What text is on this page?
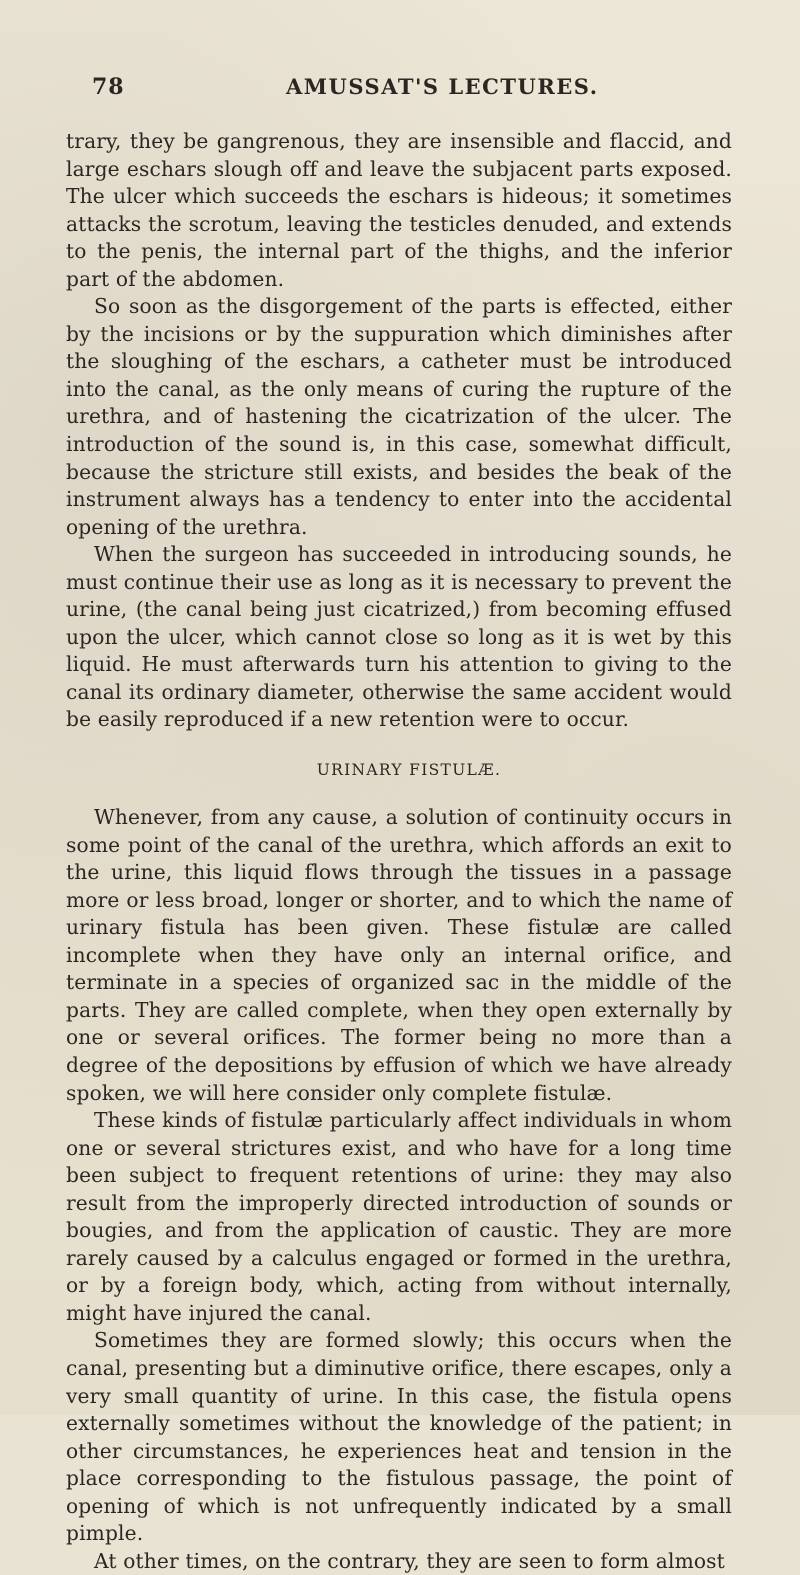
78	AMUSSAT'S LECTURES.

trary, they be gangrenous, they are insensible and flaccid, and large eschars slough off and leave the subjacent parts exposed. The ulcer which succeeds the eschars is hideous; it sometimes attacks the scrotum, leaving the testicles denuded, and extends to the penis, the internal part of the thighs, and the inferior part of the abdomen.

So soon as the disgorgement of the parts is effected, either by the incisions or by the suppuration which diminishes after the sloughing of the eschars, a catheter must be introduced into the canal, as the only means of curing the rupture of the urethra, and of hastening the cicatrization of the ulcer. The introduction of the sound is, in this case, somewhat difficult, because the stricture still exists, and besides the beak of the instrument always has a tendency to enter into the accidental opening of the urethra.

When the surgeon has succeeded in introducing sounds, he must continue their use as long as it is necessary to prevent the urine, (the canal being just cicatrized,) from becoming effused upon the ulcer, which cannot close so long as it is wet by this liquid. He must afterwards turn his attention to giving to the canal its ordinary diameter, otherwise the same accident would be easily reproduced if a new retention were to occur.

URINARY FISTULÆ.

Whenever, from any cause, a solution of continuity occurs in some point of the canal of the urethra, which affords an exit to the urine, this liquid flows through the tissues in a passage more or less broad, longer or shorter, and to which the name of urinary fistula has been given. These fistulæ are called incomplete when they have only an internal orifice, and terminate in a species of organized sac in the middle of the parts. They are called complete, when they open externally by one or several orifices. The former being no more than a degree of the depositions by effusion of which we have already spoken, we will here consider only complete fistulæ.

These kinds of fistulæ particularly affect individuals in whom one or several strictures exist, and who have for a long time been subject to frequent retentions of urine: they may also result from the improperly directed introduction of sounds or bougies, and from the application of caustic. They are more rarely caused by a calculus engaged or formed in the urethra, or by a foreign body, which, acting from without internally, might have injured the canal.

Sometimes they are formed slowly; this occurs when the canal, presenting but a diminutive orifice, there escapes, only a very small quantity of urine. In this case, the fistula opens externally sometimes without the knowledge of the patient; in other circumstances, he experiences heat and tension in the place corresponding to the fistulous passage, the point of opening of which is not unfrequently indicated by a small pimple.

At other times, on the contrary, they are seen to form almost
